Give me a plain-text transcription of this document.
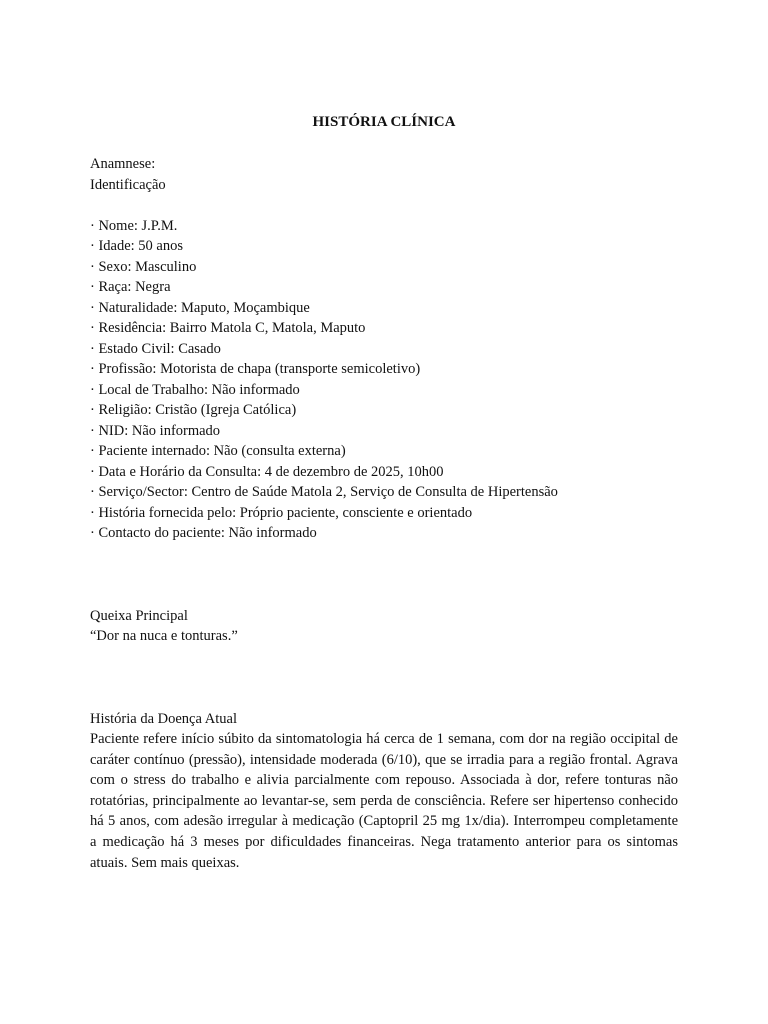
HISTÓRIA CLÍNICA
Anamnese:
Identificação
· Nome: J.P.M.
· Idade: 50 anos
· Sexo: Masculino
· Raça: Negra
· Naturalidade: Maputo, Moçambique
· Residência: Bairro Matola C, Matola, Maputo
· Estado Civil: Casado
· Profissão: Motorista de chapa (transporte semicoletivo)
· Local de Trabalho: Não informado
· Religião: Cristão (Igreja Católica)
· NID: Não informado
· Paciente internado: Não (consulta externa)
· Data e Horário da Consulta: 4 de dezembro de 2025, 10h00
· Serviço/Sector: Centro de Saúde Matola 2, Serviço de Consulta de Hipertensão
· História fornecida pelo: Próprio paciente, consciente e orientado
· Contacto do paciente: Não informado
Queixa Principal
“Dor na nuca e tonturas.”
História da Doença Atual

Paciente refere início súbito da sintomatologia há cerca de 1 semana, com dor na região occipital de caráter contínuo (pressão), intensidade moderada (6/10), que se irradia para a região frontal. Agrava com o stress do trabalho e alivia parcialmente com repouso. Associada à dor, refere tonturas não rotatórias, principalmente ao levantar-se, sem perda de consciência. Refere ser hipertenso conhecido há 5 anos, com adesão irregular à medicação (Captopril 25 mg 1x/dia). Interrompeu completamente a medicação há 3 meses por dificuldades financeiras. Nega tratamento anterior para os sintomas atuais. Sem mais queixas.
